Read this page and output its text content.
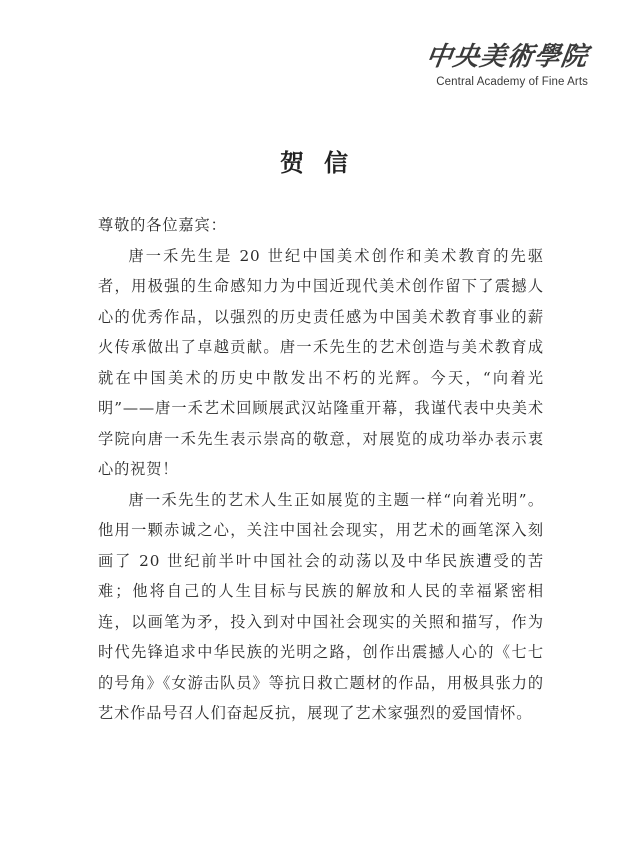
中央美術學院
Central Academy of Fine Arts
贺信

尊敬的各位嘉宾：

唐一禾先生是 20 世纪中国美术创作和美术教育的先驱者，用极强的生命感知力为中国近现代美术创作留下了震撼人心的优秀作品，以强烈的历史责任感为中国美术教育事业的薪火传承做出了卓越贡献。唐一禾先生的艺术创造与美术教育成就在中国美术的历史中散发出不朽的光辉。今天，“向着光明”——唐一禾艺术回顾展武汉站隆重开幕，我谨代表中央美术学院向唐一禾先生表示崇高的敬意，对展览的成功举办表示衷心的祝贺！

唐一禾先生的艺术人生正如展览的主题一样“向着光明”。他用一颗赤诚之心，关注中国社会现实，用艺术的画笔深入刻画了 20 世纪前半叶中国社会的动荡以及中华民族遭受的苦难；他将自己的人生目标与民族的解放和人民的幸福紧密相连，以画笔为矛，投入到对中国社会现实的关照和描写，作为时代先锋追求中华民族的光明之路，创作出震撼人心的《七七的号角》《女游击队员》等抗日救亡题材的作品，用极具张力的艺术作品号召人们奋起反抗，展现了艺术家强烈的爱国情怀。
